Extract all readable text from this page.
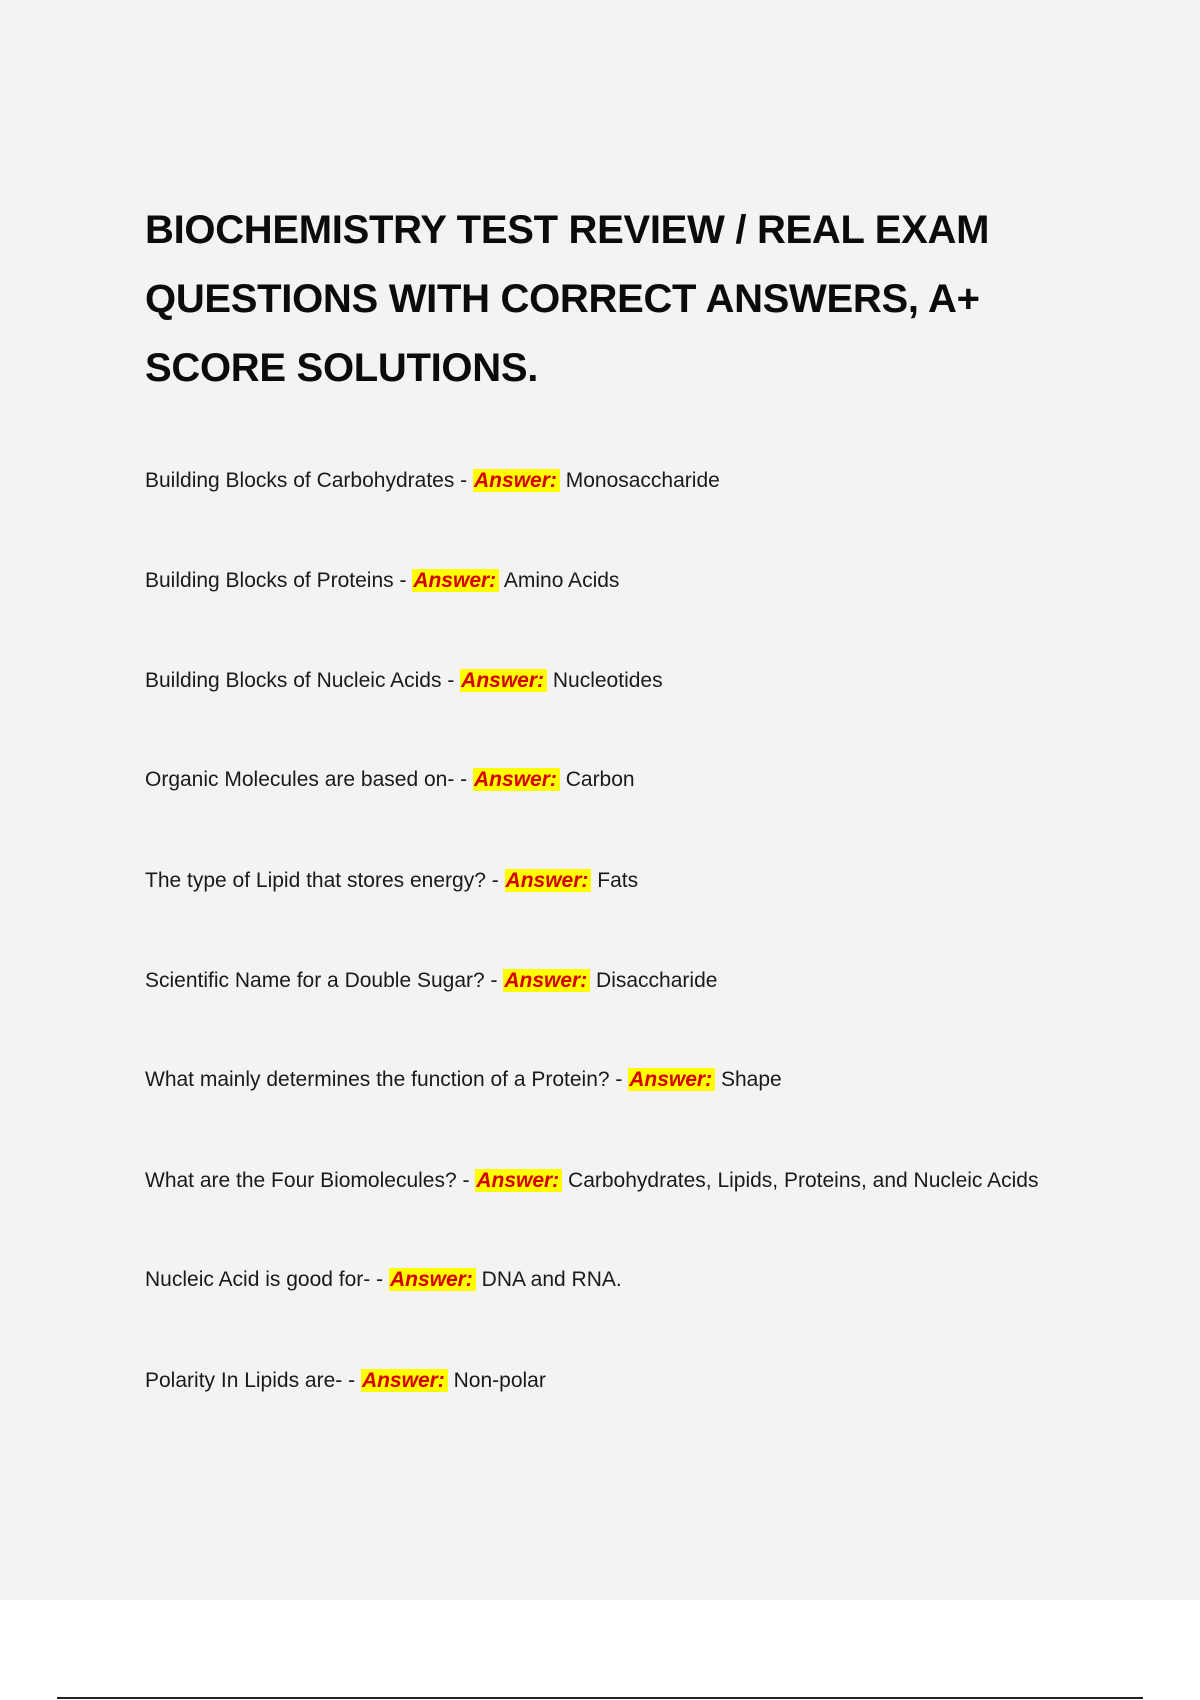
BIOCHEMISTRY TEST REVIEW / REAL EXAM QUESTIONS WITH CORRECT ANSWERS, A+ SCORE SOLUTIONS.

Building Blocks of Carbohydrates - Answer: Monosaccharide

Building Blocks of Proteins - Answer: Amino Acids

Building Blocks of Nucleic Acids - Answer: Nucleotides

Organic Molecules are based on- - Answer: Carbon

The type of Lipid that stores energy? - Answer: Fats

Scientific Name for a Double Sugar? - Answer: Disaccharide

What mainly determines the function of a Protein? - Answer: Shape

What are the Four Biomolecules? - Answer: Carbohydrates, Lipids, Proteins, and Nucleic Acids

Nucleic Acid is good for- - Answer: DNA and RNA.

Polarity In Lipids are- - Answer: Non-polar
